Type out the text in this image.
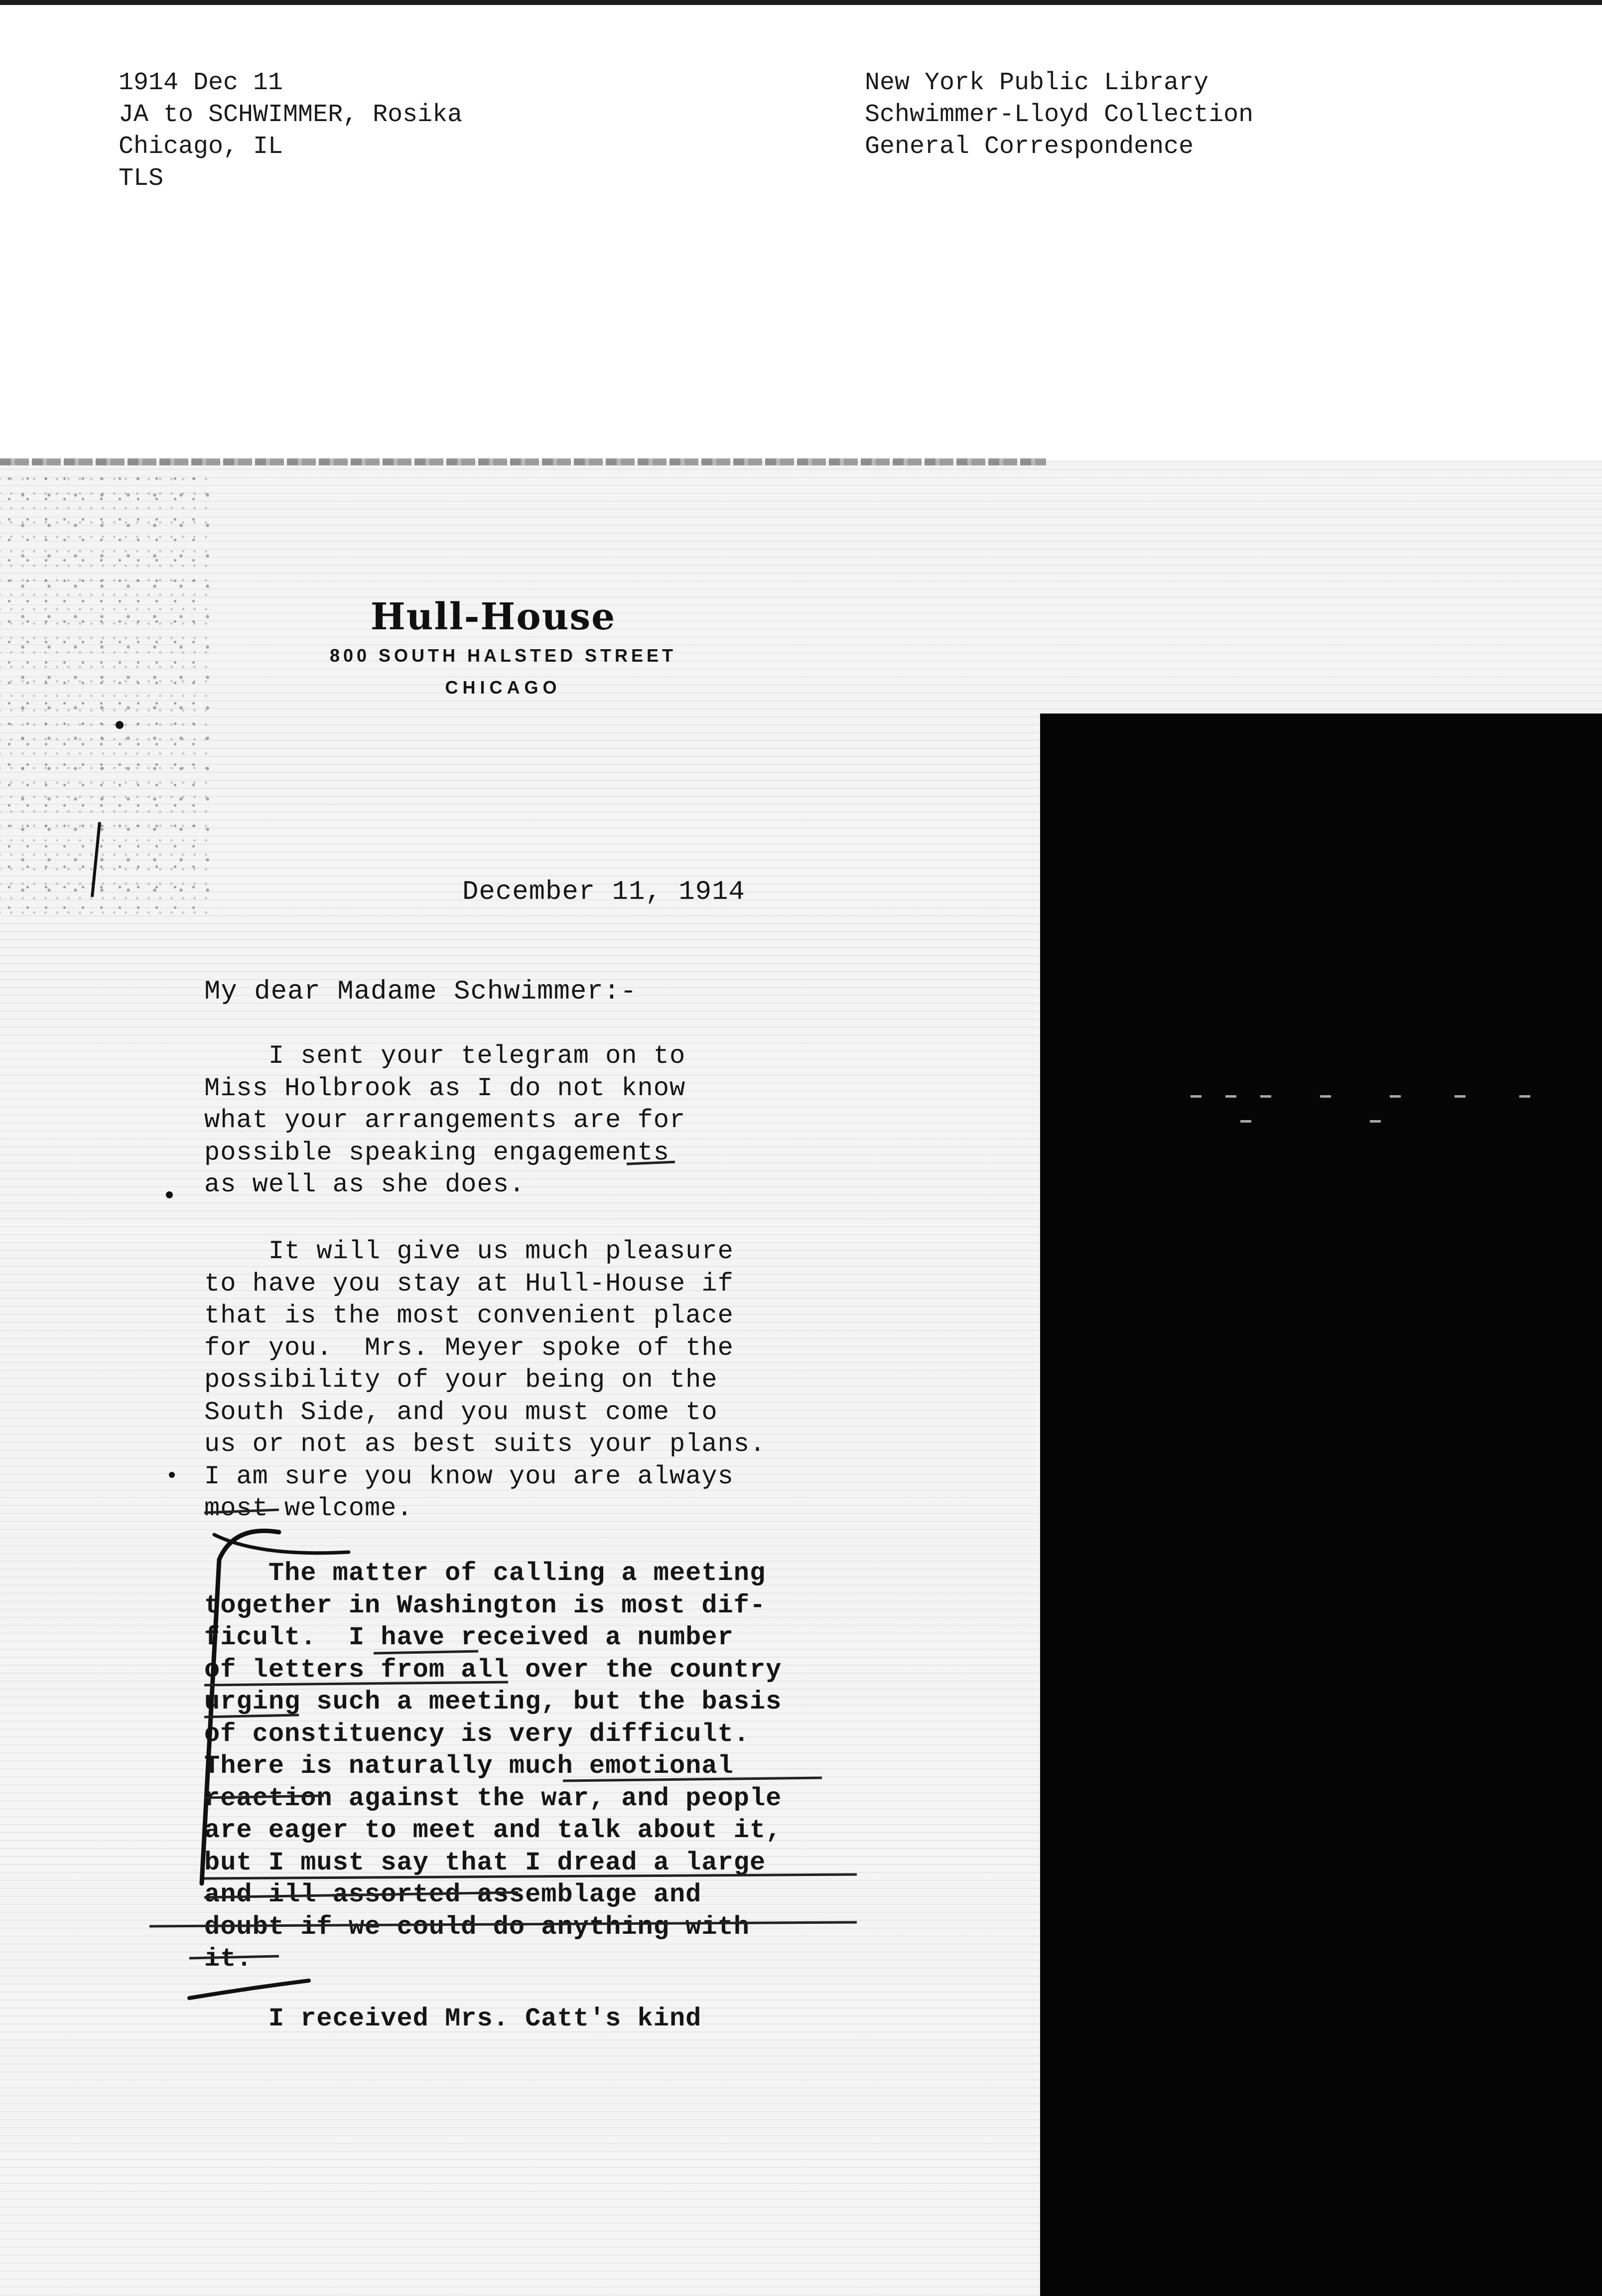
1914 Dec 11
JA to SCHWIMMER, Rosika
Chicago, IL
TLS
New York Public Library
Schwimmer-Lloyd Collection
General Correspondence
Hull-House
800 SOUTH HALSTED STREET
CHICAGO
December 11, 1914
My dear Madame Schwimmer:-
I sent your telegram on to
Miss Holbrook as I do not know
what your arrangements are for
possible speaking engagements
as well as she does.
It will give us much pleasure
to have you stay at Hull-House if
that is the most convenient place
for you.  Mrs. Meyer spoke of the
possibility of your being on the
South Side, and you must come to
us or not as best suits your plans.
I am sure you know you are always
most welcome.
The matter of calling a meeting
together in Washington is most dif-
ficult.  I have received a number
of letters from all over the country
urging such a meeting, but the basis
of constituency is very difficult.
There is naturally much emotional
reaction against the war, and people
are eager to meet and talk about it,
but I must say that I dread a large
and ill assorted assemblage and
doubt if we could do anything with
it.
I received Mrs. Catt's kind
